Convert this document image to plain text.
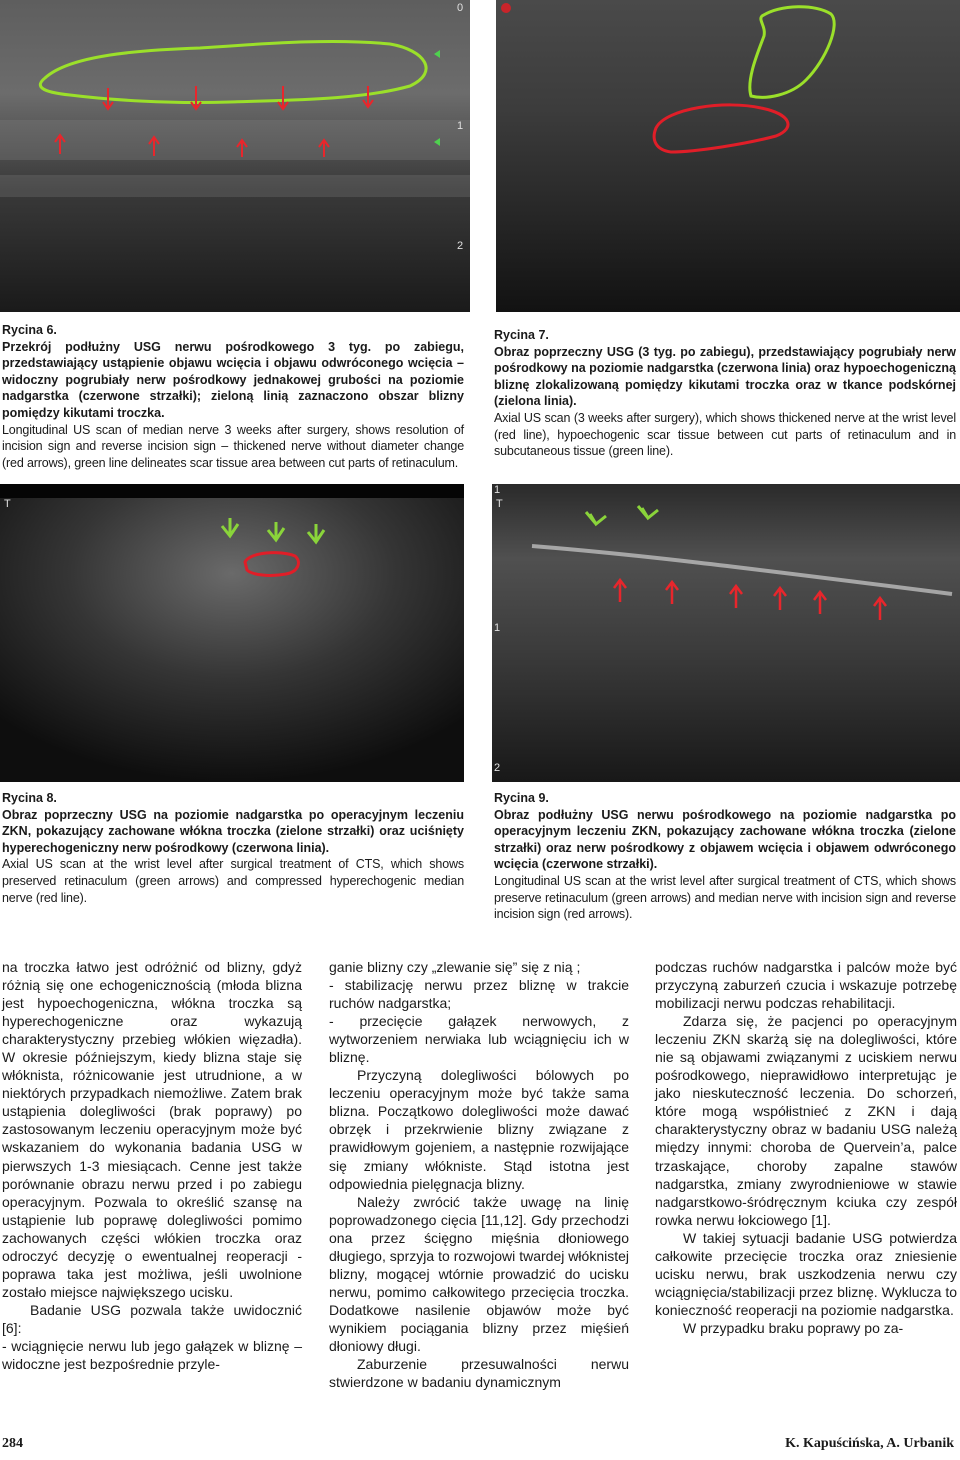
0
1
2
Rycina 6.
Przekrój podłużny USG nerwu pośrodkowego 3 tyg. po zabiegu, przedstawiający ustąpienie objawu wcięcia i objawu odwróconego wcięcia – widoczny pogrubiały nerw pośrodkowy jednakowej grubości na poziomie nadgarstka (czerwone strzałki); zieloną linią zaznaczono obszar blizny pomiędzy kikutami troczka.
Longitudinal US scan of median nerve 3 weeks after surgery, shows resolution of incision sign and reverse incision sign – thickened nerve without diameter change (red arrows), green line delineates scar tissue area between cut parts of retinaculum.
Rycina 7.
Obraz poprzeczny USG (3 tyg. po zabiegu), przedstawiający pogrubiały nerw pośrodkowy na poziomie nadgarstka (czerwona linia) oraz hypoechogeniczną bliznę zlokalizowaną pomiędzy kikutami troczka oraz w tkance podskórnej (zielona linia).
Axial US scan (3 weeks after surgery), which shows thickened nerve at the wrist level (red line), hypoechogenic scar tissue between cut parts of retinaculum and in subcutaneous tissue (green line).
T	T
1
1
2
Rycina 8.
Obraz poprzeczny USG na poziomie nadgarstka po operacyjnym leczeniu ZKN, pokazujący zachowane włókna troczka (zielone strzałki) oraz uciśnięty hyperechogeniczny nerw pośrodkowy (czerwona linia).
Axial US scan at the wrist level after surgical treatment of CTS, which shows preserved retinaculum (green arrows) and compressed hyperechogenic median nerve (red line).
Rycina 9.
Obraz podłużny USG nerwu pośrodkowego na poziomie nadgarstka po operacyjnym leczeniu ZKN, pokazujący zachowane włókna troczka (zielone strzałki) oraz nerw pośrodkowy z objawem wcięcia i objawem odwróconego wcięcia (czerwone strzałki).
Longitudinal US scan at the wrist level after surgical treatment of CTS, which shows preserve retinaculum (green arrows) and median nerve with incision sign and reverse incision sign (red arrows).

na troczka łatwo jest odróżnić od blizny, gdyż różnią się one echogenicznością (młoda blizna jest hypoechogeniczna, włókna troczka są hyperechogeniczne oraz wykazują charakterystyczny przebieg włókien więzadła). W okresie późniejszym, kiedy blizna staje się włóknista, różnicowanie jest utrudnione, a w niektórych przypadkach niemożliwe. Zatem brak ustąpienia dolegliwości (brak poprawy) po zastosowanym leczeniu operacyjnym może być wskazaniem do wykonania badania USG w pierwszych 1-3 miesiącach. Cenne jest także porównanie obrazu nerwu przed i po zabiegu operacyjnym. Pozwala to określić szansę na ustąpienie lub poprawę dolegliwości pomimo zachowanych części włókien troczka oraz odroczyć decyzję o ewentualnej reoperacji - poprawa taka jest możliwa, jeśli uwolnione zostało miejsce największego ucisku.

Badanie USG pozwala także uwidocznić [6]:

- wciągnięcie nerwu lub jego gałązek w bliznę – widoczne jest bezpośrednie przyle-

ganie blizny czy „zlewanie się” się z nią ;

- stabilizację nerwu przez bliznę w trakcie ruchów nadgarstka;

- przecięcie gałązek nerwowych, z wytworzeniem nerwiaka lub wciągnięciu ich w bliznę.

Przyczyną dolegliwości bólowych po leczeniu operacyjnym może być także sama blizna. Początkowo dolegliwości może dawać obrzęk i przekrwienie blizny związane z prawidłowym gojeniem, a następnie rozwijające się zmiany włókniste. Stąd istotna jest odpowiednia pielęgnacja blizny.

Należy zwrócić także uwagę na linię poprowadzonego cięcia [11,12]. Gdy przechodzi ona przez ścięgno mięśnia dłoniowego długiego, sprzyja to rozwojowi twardej włóknistej blizny, mogącej wtórnie prowadzić do ucisku nerwu, pomimo całkowitego przecięcia troczka. Dodatkowe nasilenie objawów może być wynikiem pociągania blizny przez mięśień dłoniowy długi.

Zaburzenie przesuwalności nerwu stwierdzone w badaniu dynamicznym

podczas ruchów nadgarstka i palców może być przyczyną zaburzeń czucia i wskazuje potrzebę mobilizacji nerwu podczas rehabilitacji.

Zdarza się, że pacjenci po operacyjnym leczeniu ZKN skarżą się na dolegliwości, które nie są objawami związanymi z uciskiem nerwu pośrodkowego, nieprawidłowo interpretując je jako nieskuteczność leczenia. Do schorzeń, które mogą współistnieć z ZKN i dają charakterystyczny obraz w badaniu USG należą między innymi: choroba de Quervein’a, palce trzaskające, choroby zapalne stawów nadgarstka, zmiany zwyrodnieniowe w stawie nadgarstkowo-śródręcznym kciuka czy zespół rowka nerwu łokciowego [1].

W takiej sytuacji badanie USG potwierdza całkowite przecięcie troczka oraz zniesienie ucisku nerwu, brak uszkodzenia nerwu czy wciągnięcia/stabilizacji przez bliznę. Wyklucza to konieczność reoperacji na poziomie nadgarstka.

W przypadku braku poprawy po za-

284	K. Kapuścińska, A. Urbanik
